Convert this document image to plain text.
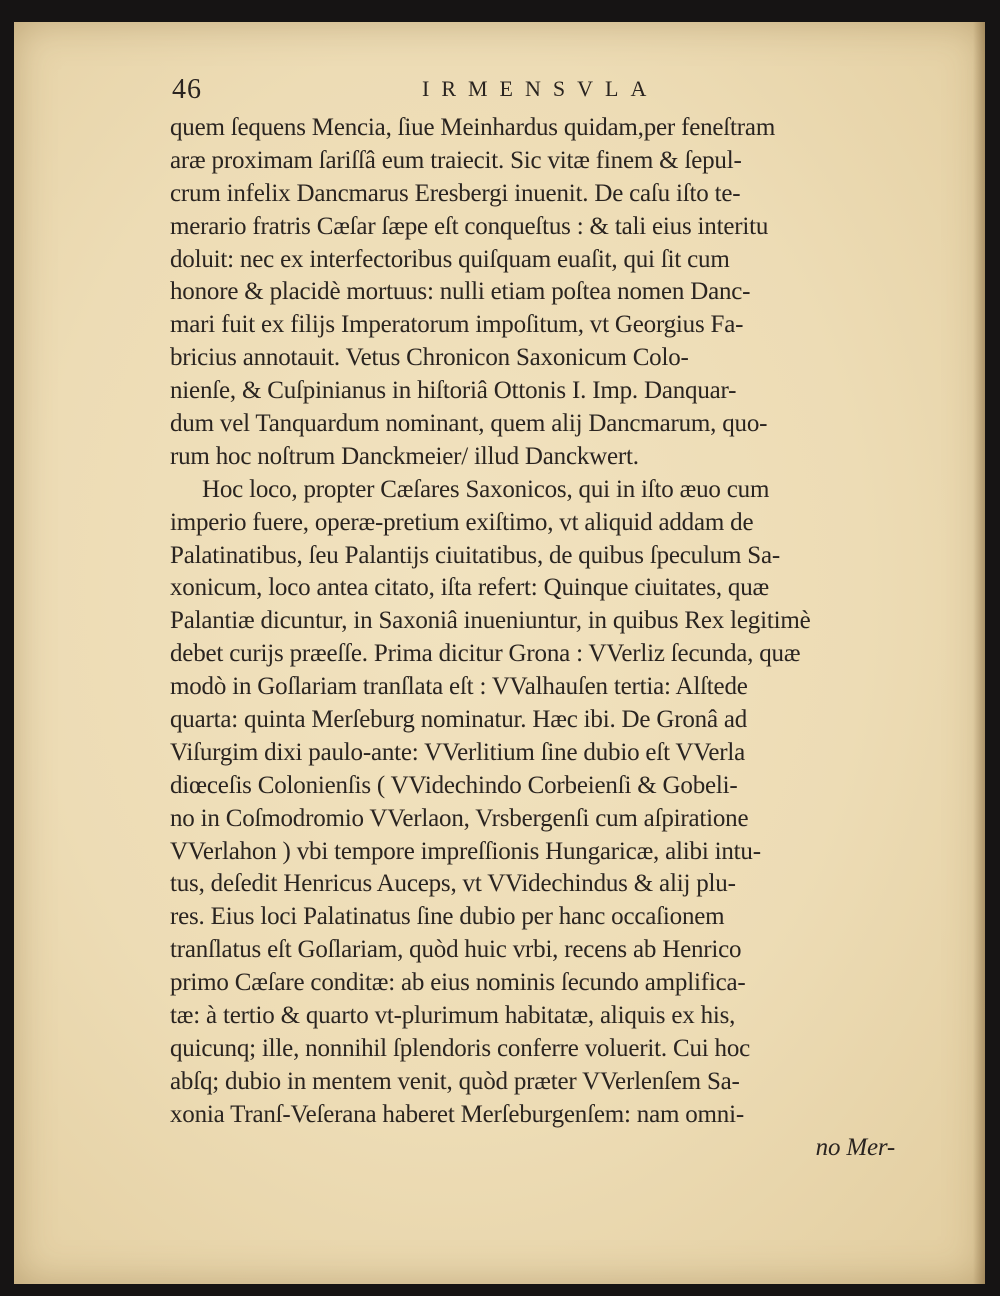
46	IRMENSVLA
quem ſequens Mencia, ſiue Meinhardus quidam,per feneſtram
aræ proximam ſariſſâ eum traiecit. Sic vitæ finem & ſepul-
crum infelix Dancmarus Eresbergi inuenit. De caſu iſto te-
merario fratris Cæſar ſæpe eſt conqueſtus : & tali eius interitu
doluit: nec ex interfectoribus quiſquam euaſit, qui ſit cum
honore & placidè mortuus: nulli etiam poſtea nomen Danc-
mari fuit ex filijs Imperatorum impoſitum, vt Georgius Fa-
bricius annotauit. Vetus Chronicon Saxonicum Colo-
nienſe, & Cuſpinianus in hiſtoriâ Ottonis I. Imp. Danquar-
dum vel Tanquardum nominant, quem alij Dancmarum, quo-
rum hoc noſtrum Danckmeier/ illud Danckwert.
Hoc loco, propter Cæſares Saxonicos, qui in iſto æuo cum
imperio fuere, operæ-pretium exiſtimo, vt aliquid addam de
Palatinatibus, ſeu Palantijs ciuitatibus, de quibus ſpeculum Sa-
xonicum, loco antea citato, iſta refert: Quinque ciuitates, quæ
Palantiæ dicuntur, in Saxoniâ inueniuntur, in quibus Rex legitimè
debet curijs præeſſe. Prima dicitur Grona : VVerliz ſecunda, quæ
modò in Goſlariam tranſlata eſt : VValhauſen tertia: Alſtede
quarta: quinta Merſeburg nominatur. Hæc ibi. De Gronâ ad
Viſurgim dixi paulo-ante: VVerlitium ſine dubio eſt VVerla
diœceſis Colonienſis ( VVidechindo Corbeienſi & Gobeli-
no in Coſmodromio VVerlaon, Vrsbergenſi cum aſpiratione
VVerlahon ) vbi tempore impreſſionis Hungaricæ, alibi intu-
tus, deſedit Henricus Auceps, vt VVidechindus & alij plu-
res. Eius loci Palatinatus ſine dubio per hanc occaſionem
tranſlatus eſt Goſlariam, quòd huic vrbi, recens ab Henrico
primo Cæſare conditæ: ab eius nominis ſecundo amplifica-
tæ: à tertio & quarto vt-plurimum habitatæ, aliquis ex his,
quicunq; ille, nonnihil ſplendoris conferre voluerit. Cui hoc
abſq; dubio in mentem venit, quòd præter VVerlenſem Sa-
xonia Tranſ-Veſerana haberet Merſeburgenſem: nam omni-
no Mer-
